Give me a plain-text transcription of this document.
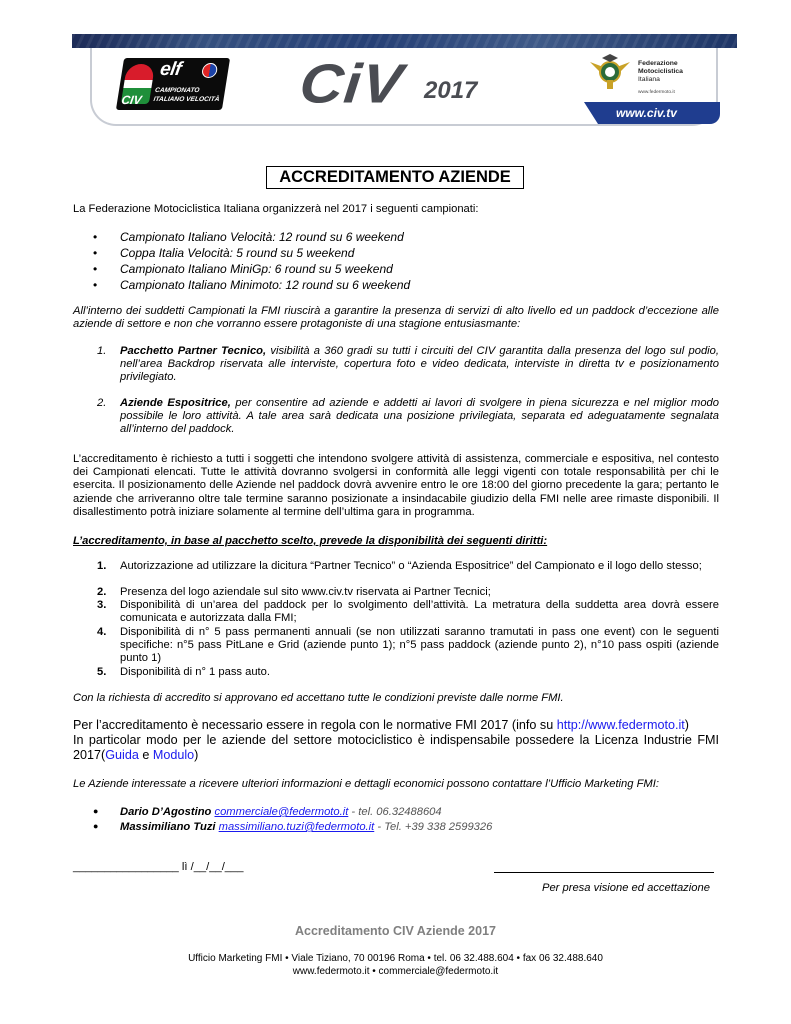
elf
CIV
CAMPIONATO
ITALIANO VELOCITÀ CiV 2017
Federazione
Motociclistica
Italiana
www.federmoto.it
www.civ.tv
ACCREDITAMENTO AZIENDE
La Federazione Motociclistica Italiana organizzerà nel 2017 i seguenti campionati:
• Campionato Italiano Velocità: 12 round su 6 weekend
• Coppa Italia Velocità: 5 round su 5 weekend
• Campionato Italiano MiniGp: 6 round su 5 weekend
• Campionato Italiano Minimoto: 12 round su 6 weekend
All’interno dei suddetti Campionati la FMI riuscirà a garantire la presenza di servizi di alto livello ed un paddock d’eccezione alle aziende di settore e non che vorranno essere protagoniste di una stagione entusiasmante:
1. Pacchetto Partner Tecnico, visibilità a 360 gradi su tutti i circuiti del CIV garantita dalla presenza del logo sul podio, nell’area Backdrop riservata alle interviste, copertura foto e video dedicata, interviste in diretta tv e posizionamento privilegiato.
2. Aziende Espositrice, per consentire ad aziende e addetti ai lavori di svolgere in piena sicurezza e nel miglior modo possibile le loro attività. A tale area sarà dedicata una posizione privilegiata, separata ed adeguatamente segnalata all’interno del paddock.
L’accreditamento è richiesto a tutti i soggetti che intendono svolgere attività di assistenza, commerciale e espositiva, nel contesto dei Campionati elencati. Tutte le attività dovranno svolgersi in conformità alle leggi vigenti con totale responsabilità per chi le esercita. Il posizionamento delle Aziende nel paddock dovrà avvenire entro le ore 18:00 del giorno precedente la gara; pertanto le aziende che arriveranno oltre tale termine saranno posizionate a insindacabile giudizio della FMI nelle aree rimaste disponibili. Il disallestimento potrà iniziare solamente al termine dell’ultima gara in programma.
L’accreditamento, in base al pacchetto scelto, prevede la disponibilità dei seguenti diritti:
1. Autorizzazione ad utilizzare la dicitura “Partner Tecnico” o “Azienda Espositrice” del Campionato e il logo dello stesso;
2. Presenza del logo aziendale sul sito www.civ.tv riservata ai Partner Tecnici;
3. Disponibilità di un’area del paddock per lo svolgimento dell’attività. La metratura della suddetta area dovrà essere comunicata e autorizzata dalla FMI;
4. Disponibilità di n° 5 pass permanenti annuali (se non utilizzati saranno tramutati in pass one event) con le seguenti specifiche: n°5 pass PitLane e Grid (aziende punto 1); n°5 pass paddock (aziende punto 2), n°10 pass ospiti (aziende punto 1)
5. Disponibilità di n° 1 pass auto.
Con la richiesta di accredito si approvano ed accettano tutte le condizioni previste dalle norme FMI.
Per l’accreditamento è necessario essere in regola con le normative FMI 2017 (info su http://www.federmoto.it)
In particolar modo per le aziende del settore motociclistico è indispensabile possedere la Licenza Industrie FMI 2017(Guida e Modulo)
Le Aziende interessate a ricevere ulteriori informazioni e dettagli economici possono contattare l’Ufficio Marketing FMI:
● Dario D’Agostino commerciale@federmoto.it - tel. 06.32488604
● Massimiliano Tuzi massimiliano.tuzi@federmoto.it - Tel. +39 338 2599326
_________________ lì /__/__/___
Per presa visione ed accettazione
Accreditamento CIV Aziende 2017
Ufficio Marketing FMI • Viale Tiziano, 70 00196 Roma • tel. 06 32.488.604 • fax 06 32.488.640
www.federmoto.it • commerciale@federmoto.it
